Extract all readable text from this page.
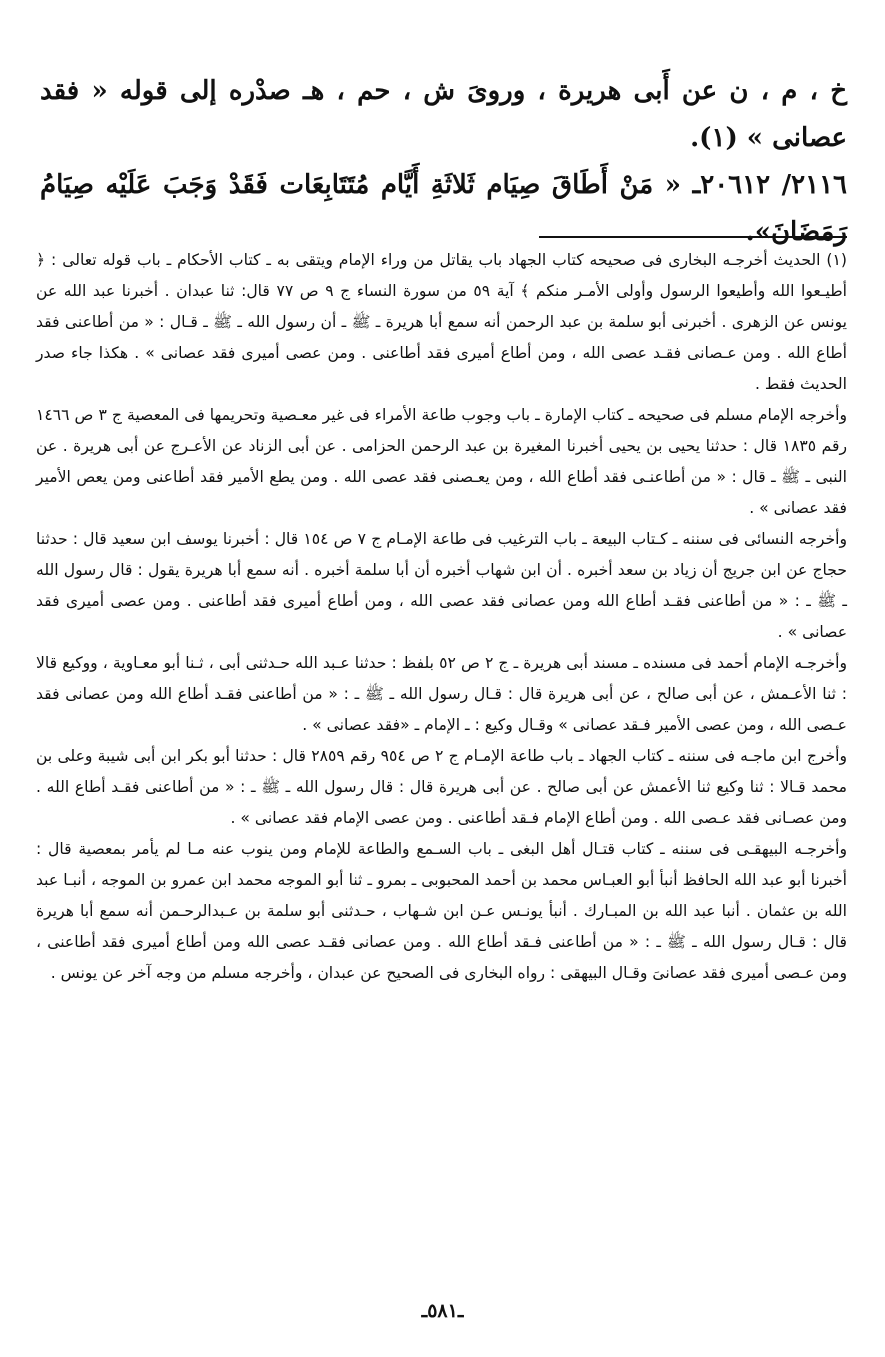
خ ، م ، ن عن أَبى هريرة ، وروىَ ش ، حم ، هـ صدْره إلى قوله « فقد عصانى » (١).

٢١١٦/ ٢٠٦١٢ـ « مَنْ أَطَاقَ صِيَام ثَلاثَةِ أَيَّام مُتَتَابِعَات فَقَدْ وَجَبَ عَلَيْه صِيَامُ رَمَضَانَ».

(١) الحديث أخرجـه البخارى فى صحيحه كتاب الجهاد باب يقاتل من وراء الإمام ويتقى به ـ كتاب الأحكام ـ باب قوله تعالى : ﴿ أطيـعوا الله وأطيعوا الرسول وأولى الأمـر منكم ﴾ آية ٥٩ من سورة النساء ج ٩ ص ٧٧ قال: ثنا عبدان . أخبرنا عبد الله عن يونس عن الزهرى . أخبرنى أبو سلمة بن عبد الرحمن أنه سمع أبا هريرة ـ ﷺ ـ أن رسول الله ـ ﷺ ـ قـال : « من أطاعنى فقد أطاع الله . ومن عـصانى فقـد عصى الله ، ومن أطاع أميرى فقد أطاعنى . ومن عصى أميرى فقد عصانى » . هكذا جاء صدر الحديث فقط .

وأخرجه الإمام مسلم فى صحيحه ـ كتاب الإمارة ـ باب وجوب طاعة الأمراء فى غير معـصية وتحريمها فى المعصية ج ٣ ص ١٤٦٦ رقم ١٨٣٥ قال : حدثنا يحيى بن يحيى أخبرنا المغيرة بن عبد الرحمن الحزامى . عن أبى الزناد عن الأعـرج عن أبى هريرة . عن النبى ـ ﷺ ـ قال : « من أطاعنـى فقد أطاع الله ، ومن يعـصنى فقد عصى الله . ومن يطع الأمير فقد أطاعنى ومن يعص الأمير فقد عصانى » .

وأخرجه النسائى فى سننه ـ كـتاب البيعة ـ باب الترغيب فى طاعة الإمـام ج ٧ ص ١٥٤ قال : أخبرنا يوسف ابن سعيد قال : حدثنا حجاج عن ابن جريج أن زياد بن سعد أخبره . أن ابن شهاب أخبره أن أبا سلمة أخبره . أنه سمع أبا هريرة يقول : قال رسول الله ـ ﷺ ـ : « من أطاعنى فقـد أطاع الله ومن عصانى فقد عصى الله ، ومن أطاع أميرى فقد أطاعنى . ومن عصى أميرى فقد عصانى » .

وأخرجـه الإمام أحمد فى مسنده ـ مسند أبى هريرة ـ ج ٢ ص ٥٢ بلفظ : حدثنا عـبد الله حـدثنى أبى ، ثـنا أبو معـاوية ، ووكيع قالا : ثنا الأعـمش ، عن أبى صالح ، عن أبى هريرة قال : قـال رسول الله ـ ﷺ ـ : « من أطاعنى فقـد أطاع الله ومن عصانى فقد عـصى الله ، ومن عصى الأمير فـقد عصانى » وقـال وكيع : ـ الإمام ـ «فقد عصانى » .

وأخرج ابن ماجـه فى سننه ـ كتاب الجهاد ـ باب طاعة الإمـام ج ٢ ص ٩٥٤ رقم ٢٨٥٩ قال : حدثنا أبو بكر ابن أبى شيبة وعلى بن محمد قـالا : ثنا وكيع ثنا الأعمش عن أبى صالح . عن أبى هريرة قال : قال رسول الله ـ ﷺ ـ : « من أطاعنى فقـد أطاع الله . ومن عصـانى فقد عـصى الله . ومن أطاع الإمام فـقد أطاعنى . ومن عصى الإمام فقد عصانى » .

وأخرجـه البيهقـى فى سننه ـ كتاب قتـال أهل البغى ـ باب السـمع والطاعة للإمام ومن ينوب عنه مـا لم يأمر بمعصية قال : أخبرنا أبو عبد الله الحافظ أنبأ أبو العبـاس محمد بن أحمد المحبوبى ـ بمرو ـ ثنا أبو الموجه محمد ابن عمرو بن الموجه ، أنبـا عبد الله بن عثمان . أنبا عبد الله بن المبـارك . أنبأ يونـس عـن ابن شـهاب ، حـدثنى أبو سلمة بن عـبدالرحـمن أنه سمع أبا هريرة قال : قـال رسول الله ـ ﷺ ـ : « من أطاعنى فـقد أطاع الله . ومن عصانى فقـد عصى الله ومن أطاع أميرى فقد أطاعنى ، ومن عـصى أميرى فقد عصانىَ وقـال البيهقى : رواه البخارى فى الصحيح عن عبدان ، وأخرجه مسلم من وجه آخر عن يونس .

ـ٥٨١ـ
